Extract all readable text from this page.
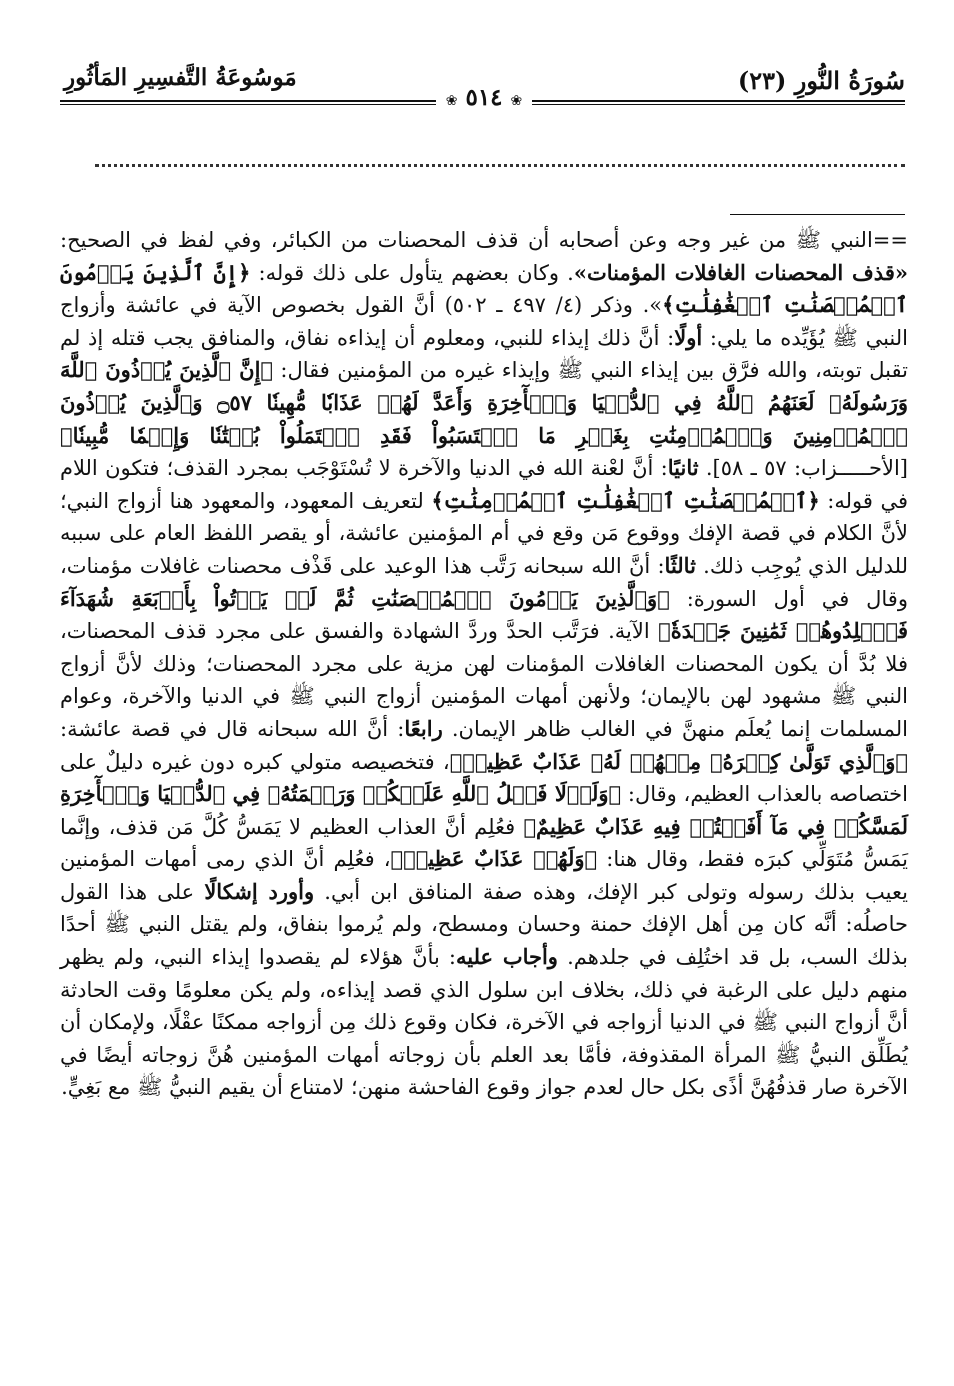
سُورَةُ النُّورِ (٢٣)
مَوسُوعَةُ التَّفسِيرِ المَأثُورِ
❀ ٥١٤ ❀

==النبي ﷺ من غير وجه وعن أصحابه أن قذف المحصنات من الكبائر، وفي لفظ في الصحيح: «قذف المحصنات الغافلات المؤمنات». وكان بعضهم يتأول على ذلك قوله: ﴿إِنَّ ٱلَّذِينَ يَرۡمُونَ ٱلۡمُحۡصَنَٰتِ ٱلۡغَٰفِلَٰتِ﴾». وذكر (٤/ ٤٩٧ ـ ٥٠٢) أنَّ القول بخصوص الآية في عائشة وأزواج النبي ﷺ يُؤَيِّده ما يلي: أولًا: أنَّ ذلك إيذاء للنبي، ومعلوم أن إيذاءه نفاق، والمنافق يجب قتله إذ لم تقبل توبته، والله فرَّق بين إيذاء النبي ﷺ وإيذاء غيره من المؤمنين فقال: ﴿إِنَّ ٱلَّذِينَ يُؤۡذُونَ ٱللَّهَ وَرَسُولَهُۥ لَعَنَهُمُ ٱللَّهُ فِي ٱلدُّنۡيَا وَٱلۡأٓخِرَةِ وَأَعَدَّ لَهُمۡ عَذَابٗا مُّهِينٗا ۝٥٧ وَٱلَّذِينَ يُؤۡذُونَ ٱلۡمُؤۡمِنِينَ وَٱلۡمُؤۡمِنَٰتِ بِغَيۡرِ مَا ٱكۡتَسَبُواْ فَقَدِ ٱحۡتَمَلُواْ بُهۡتَٰنٗا وَإِثۡمٗا مُّبِينٗا﴾ [الأحـــــزاب: ٥٧ ـ ٥٨]. ثانيًا: أنَّ لعْنة الله في الدنيا والآخرة لا تُسْتَوْجَب بمجرد القذف؛ فتكون اللام في قوله: ﴿ٱلۡمُحۡصَنَٰتِ ٱلۡغَٰفِلَٰتِ ٱلۡمُؤۡمِنَٰتِ﴾ لتعريف المعهود، والمعهود هنا أزواج النبي؛ لأنَّ الكلام في قصة الإفك ووقوع مَن وقع في أم المؤمنين عائشة، أو يقصر اللفظ العام على سببه للدليل الذي يُوجِب ذلك. ثالثًا: أنَّ الله سبحانه رَتَّب هذا الوعيد على قَذْف محصنات غافلات مؤمنات، وقال في أول السورة: ﴿وَٱلَّذِينَ يَرۡمُونَ ٱلۡمُحۡصَنَٰتِ ثُمَّ لَمۡ يَأۡتُواْ بِأَرۡبَعَةِ شُهَدَآءَ فَٱجۡلِدُوهُمۡ ثَمَٰنِينَ جَلۡدَةٗ﴾ الآية. فرَتَّب الحدَّ وردَّ الشهادة والفسق على مجرد قذف المحصنات، فلا بُدَّ أن يكون المحصنات الغافلات المؤمنات لهن مزية على مجرد المحصنات؛ وذلك لأنَّ أزواج النبي ﷺ مشهود لهن بالإيمان؛ ولأنهن أمهات المؤمنين أزواج النبي ﷺ في الدنيا والآخرة، وعوام المسلمات إنما يُعلَم منهنَّ في الغالب ظاهر الإيمان. رابعًا: أنَّ الله سبحانه قال في قصة عائشة: ﴿وَٱلَّذِي تَوَلَّىٰ كِبۡرَهُۥ مِنۡهُمۡ لَهُۥ عَذَابٌ عَظِيمٞ﴾، فتخصيصه متولي كبره دون غيره دليلٌ على اختصاصه بالعذاب العظيم، وقال: ﴿وَلَوۡلَا فَضۡلُ ٱللَّهِ عَلَيۡكُمۡ وَرَحۡمَتُهُۥ فِي ٱلدُّنۡيَا وَٱلۡأٓخِرَةِ لَمَسَّكُمۡ فِي مَآ أَفَضۡتُمۡ فِيهِ عَذَابٌ عَظِيمٌ﴾ فعُلِم أنَّ العذاب العظيم لا يَمَسُّ كُلَّ مَن قذف، وإنَّما يَمَسُّ مُتَوَلِّي كبرَه فقط، وقال هنا: ﴿وَلَهُمۡ عَذَابٌ عَظِيمٞ﴾، فعُلِم أنَّ الذي رمى أمهات المؤمنين يعيب بذلك رسوله وتولى كبر الإفك، وهذه صفة المنافق ابن أبي. وأورد إشكالًا على هذا القول حاصلُه: أنَّه كان مِن أهل الإفك حمنة وحسان ومسطح، ولم يُرموا بنفاق، ولم يقتل النبي ﷺ أحدًا بذلك السب، بل قد اختُلِف في جلدهم. وأجاب عليه: بأنَّ هؤلاء لم يقصدوا إيذاء النبي، ولم يظهر منهم دليل على الرغبة في ذلك، بخلاف ابن سلول الذي قصد إيذاءه، ولم يكن معلومًا وقت الحادثة أنَّ أزواج النبي ﷺ في الدنيا أزواجه في الآخرة، فكان وقوع ذلك مِن أزواجه ممكنًا عقْلًا، ولإمكان أن يُطَلِّق النبيُّ ﷺ المرأة المقذوفة، فأمَّا بعد العلم بأن زوجاته أمهات المؤمنين هُنَّ زوجاته أيضًا في الآخرة صار قذفُهُنَّ أذًى بكل حال لعدم جواز وقوع الفاحشة منهن؛ لامتناع أن يقيم النبيُّ ﷺ مع بَغِيٍّ.
